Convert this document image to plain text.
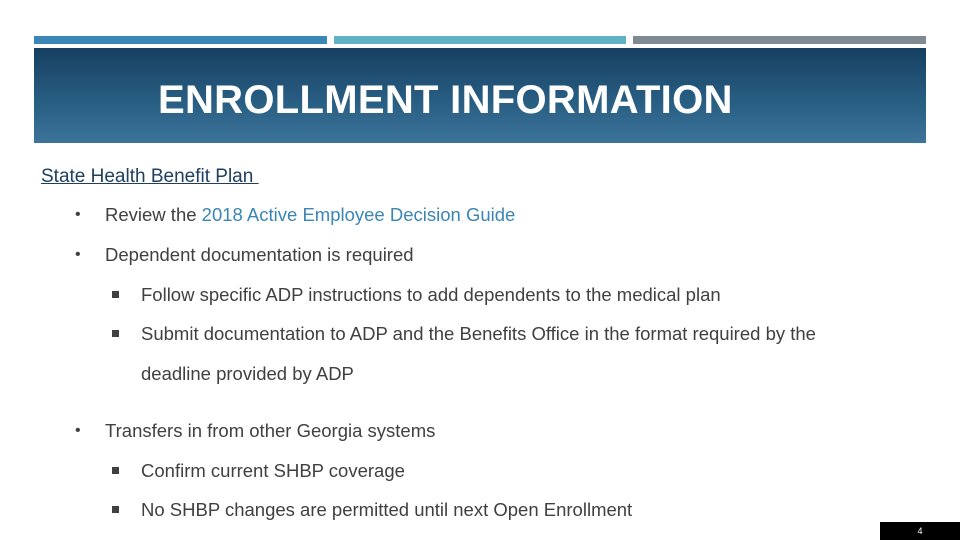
ENROLLMENT INFORMATION
State Health Benefit Plan
• Review the 2018 Active Employee Decision Guide
• Dependent documentation is required
Follow specific ADP instructions to add dependents to the medical plan
Submit documentation to ADP and the Benefits Office in the format required by the
deadline provided by ADP
• Transfers in from other Georgia systems
Confirm current SHBP coverage
No SHBP changes are permitted until next Open Enrollment
4
